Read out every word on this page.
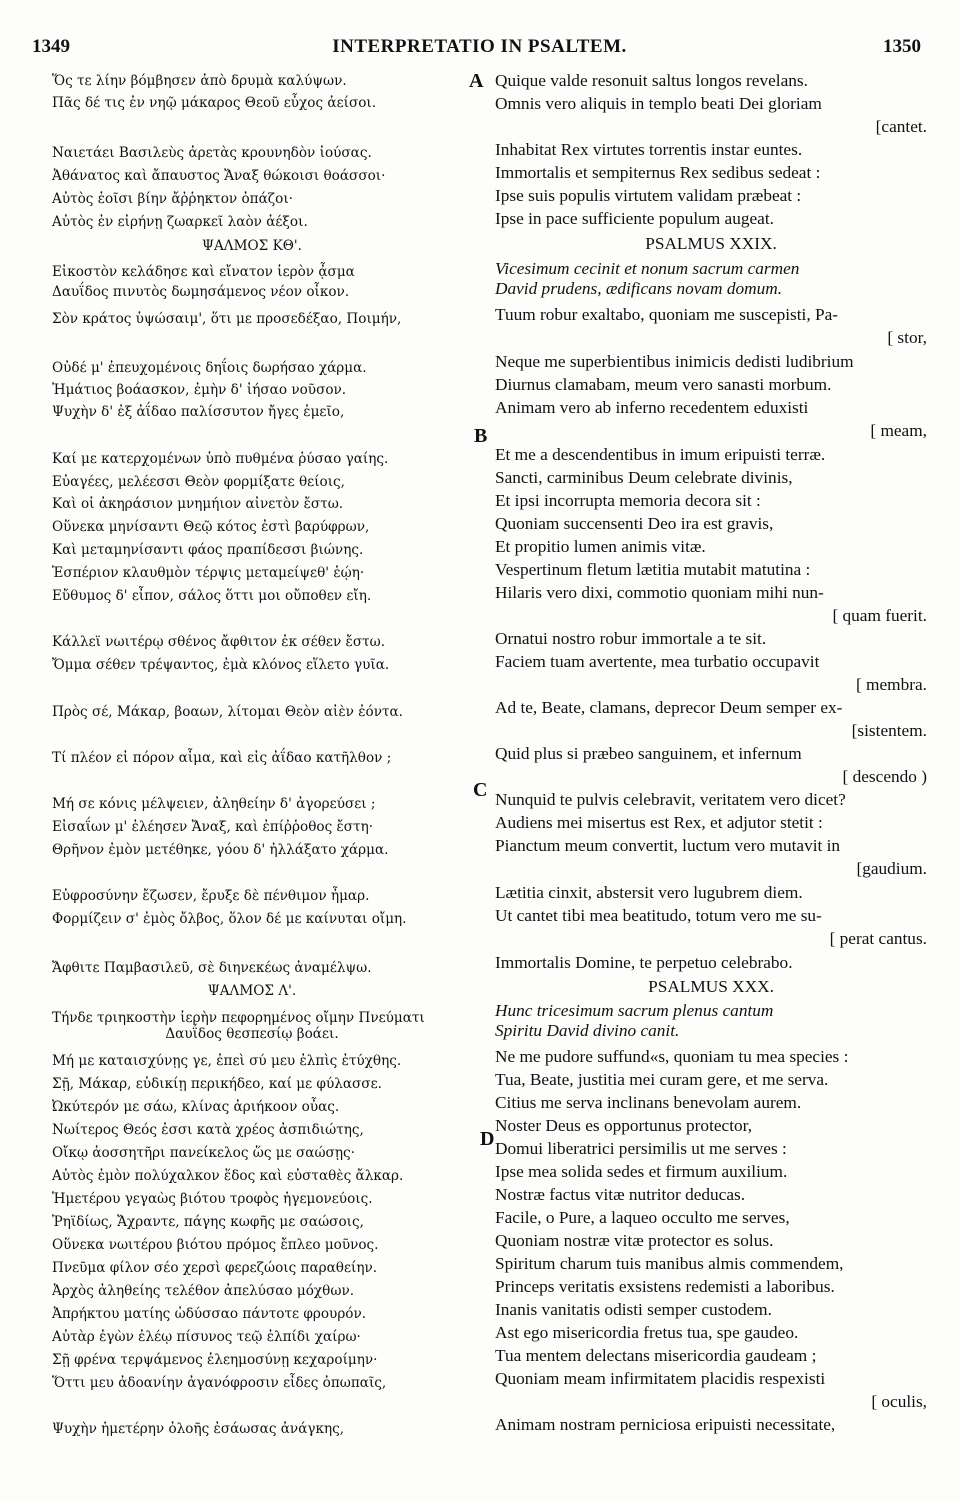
1349	INTERPRETATIO IN PSALTEM.	1350
A
B
C
D
Ὅς τε λίην βόμβησεν ἀπὸ δρυμὰ καλύψων.
Πᾶς δέ τις ἐν νηῷ μάκαρος Θεοῦ εὖχος ἀείσοι.
Ναιετάει Βασιλεὺς ἀρετὰς κρουνηδὸν ἰούσας.
Ἀθάνατος καὶ ἄπαυστος Ἄναξ θώκοισι θοάσσοι·
Αὐτὸς ἑοῖσι βίην ἄῤῥηκτον ὀπάζοι·
Αὐτὸς ἐν εἰρήνῃ ζωαρκεῖ λαὸν ἀέξοι.
ΨΑΛΜΟΣ ΚΘ'.
Εἰκοστὸν κελάδησε καὶ εἴνατον ἱερὸν ᾆσμα
Δαυΐδος πινυτὸς δωμησάμενος νέον οἶκον.
Σὸν κράτος ὑψώσαιμ', ὅτι με προσεδέξαο, Ποιμήν,
Οὐδέ μ' ἐπευχομένοις δηΐοις δωρήσαο χάρμα.
Ἠμάτιος βοάασκον, ἐμὴν δ' ἰήσαο νοῦσον.
Ψυχὴν δ' ἐξ ἀΐδαο παλίσσυτον ἤγες ἐμεῖο,
Καί με κατερχομένων ὑπὸ πυθμένα ῥύσαο γαίης.
Εὐαγέες, μελέεσσι Θεὸν φορμίξατε θείοις,
Καὶ οἱ ἀκηράσιον μνημήιον αἰνετὸν ἔστω.
Οὕνεκα μηνίσαντι Θεῷ κότος ἐστὶ βαρύφρων,
Καὶ μεταμηνίσαντι φάος πραπίδεσσι βιώνης.
Ἑσπέριον κλαυθμὸν τέρψις μεταμείψεθ' ἑῴη·
Εὔθυμος δ' εἶπον, σάλος ὅττι μοι οὔποθεν εἴη.
Κάλλεϊ νωιτέρῳ σθένος ἄφθιτον ἐκ σέθεν ἔστω.
Ὄμμα σέθεν τρέψαντος, ἐμὰ κλόνος εἵλετο γυῖα.
Πρὸς σέ, Μάκαρ, βοαων, λίτομαι Θεὸν αἰὲν ἐόντα.
Τί πλέον εἰ πόρον αἷμα, καὶ εἰς ἀΐδαο κατῆλθον ;
Μή σε κόνις μέλψειεν, ἀληθείην δ' ἀγορεύσει ;
Εἰσαΐων μ' ἐλέησεν Ἄναξ, καὶ ἐπίῤῥοθος ἔστη·
Θρῆνον ἐμὸν μετέθηκε, γόου δ' ἠλλάξατο χάρμα.
Εὐφροσύνην ἔζωσεν, ἔρυξε δὲ πένθιμον ἦμαρ.
Φορμίζειν σ' ἐμὸς ὄλβος, ὅλον δέ με καίνυται οἴμη.
Ἄφθιτε Παμβασιλεῦ, σὲ διηνεκέως ἀναμέλψω.
ΨΑΛΜΟΣ Λ'.
Τήνδε τριηκοστὴν ἱερὴν πεφορημένος οἴμην Πνεύματι
Δαυΐδος θεσπεσίῳ βοάει.
Μή με καταισχύνῃς γε, ἐπεὶ σύ μευ ἐλπὶς ἐτύχθης.
Σῇ, Μάκαρ, εὐδικίῃ περικήδεο, καί με φύλασσε.
Ὠκύτερόν με σάω, κλίνας ἀριήκοον οὖας.
Νωίτερος Θεός ἐσσι κατὰ χρέος ἀσπιδιώτης,
Οἴκῳ ἀοσσητῆρι πανείκελος ὥς με σαώσῃς·
Αὐτὸς ἐμὸν πολύχαλκον ἕδος καὶ εὐσταθὲς ἄλκαρ.
Ἡμετέρου γεγαὼς βιότου τροφὸς ἡγεμονεύοις.
Ῥηϊδίως, Ἄχραντε, πάγης κωφῆς με σαώσοις,
Οὕνεκα νωιτέρου βιότου πρόμος ἔπλεο μοῦνος.
Πνεῦμα φίλον σέο χερσὶ φερεζώοις παραθείην.
Ἀρχὸς ἀληθείης τελέθον ἀπελύσαο μόχθων.
Ἀπρήκτου ματίης ὠδύσσαο πάντοτε φρουρόν.
Αὐτὰρ ἐγὼν ἐλέῳ πίσυνος τεῷ ἐλπίδι χαίρω·
Σῇ φρένα τερψάμενος ἐλεημοσύνῃ κεχαροίμην·
Ὅττι μευ ἀδοανίην ἀγανόφροσιν εἶδες ὀπωπαῖς,
Ψυχὴν ἡμετέρην ὀλοῆς ἐσάωσας ἀνάγκης,
Quique valde resonuit saltus longos revelans.
Omnis vero aliquis in templo beati Dei gloriam
[cantet.
Inhabitat Rex virtutes torrentis instar euntes.
Immortalis et sempiternus Rex sedibus sedeat :
Ipse suis populis virtutem validam præbeat :
Ipse in pace sufficiente populum augeat.
PSALMUS XXIX.
Vicesimum cecinit et nonum sacrum carmen
David prudens, ædificans novam domum.
Tuum robur exaltabo, quoniam me suscepisti, Pa-
[ stor,
Neque me superbientibus inimicis dedisti ludibrium
Diurnus clamabam, meum vero sanasti morbum.
Animam vero ab inferno recedentem eduxisti
[ meam,
Et me a descendentibus in imum eripuisti terræ.
Sancti, carminibus Deum celebrate divinis,
Et ipsi incorrupta memoria decora sit :
Quoniam succensenti Deo ira est gravis,
Et propitio lumen animis vitæ.
Vespertinum fletum lætitia mutabit matutina :
Hilaris vero dixi, commotio quoniam mihi nun-
[ quam fuerit.
Ornatui nostro robur immortale a te sit.
Faciem tuam avertente, mea turbatio occupavit
[ membra.
Ad te, Beate, clamans, deprecor Deum semper ex-
[sistentem.
Quid plus si præbeo sanguinem, et infernum
[ descendo )
Nunquid te pulvis celebravit, veritatem vero dicet?
Audiens mei misertus est Rex, et adjutor stetit :
Pianctum meum convertit, luctum vero mutavit in
[gaudium.
Lætitia cinxit, abstersit vero lugubrem diem.
Ut cantet tibi mea beatitudo, totum vero me su-
[ perat cantus.
Immortalis Domine, te perpetuo celebrabo.
PSALMUS XXX.
Hunc tricesimum sacrum plenus cantum
Spiritu David divino canit.
Ne me pudore suffund«s, quoniam tu mea species :
Tua, Beate, justitia mei curam gere, et me serva.
Citius me serva inclinans benevolam aurem.
Noster Deus es opportunus protector,
Domui liberatrici persimilis ut me serves :
Ipse mea solida sedes et firmum auxilium.
Nostræ factus vitæ nutritor deducas.
Facile, o Pure, a laqueo occulto me serves,
Quoniam nostræ vitæ protector es solus.
Spiritum charum tuis manibus almis commendem,
Princeps veritatis exsistens redemisti a laboribus.
Inanis vanitatis odisti semper custodem.
Ast ego misericordia fretus tua, spe gaudeo.
Tua mentem delectans misericordia gaudeam ;
Quoniam meam infirmitatem placidis respexisti
[ oculis,
Animam nostram perniciosa eripuisti necessitate,
